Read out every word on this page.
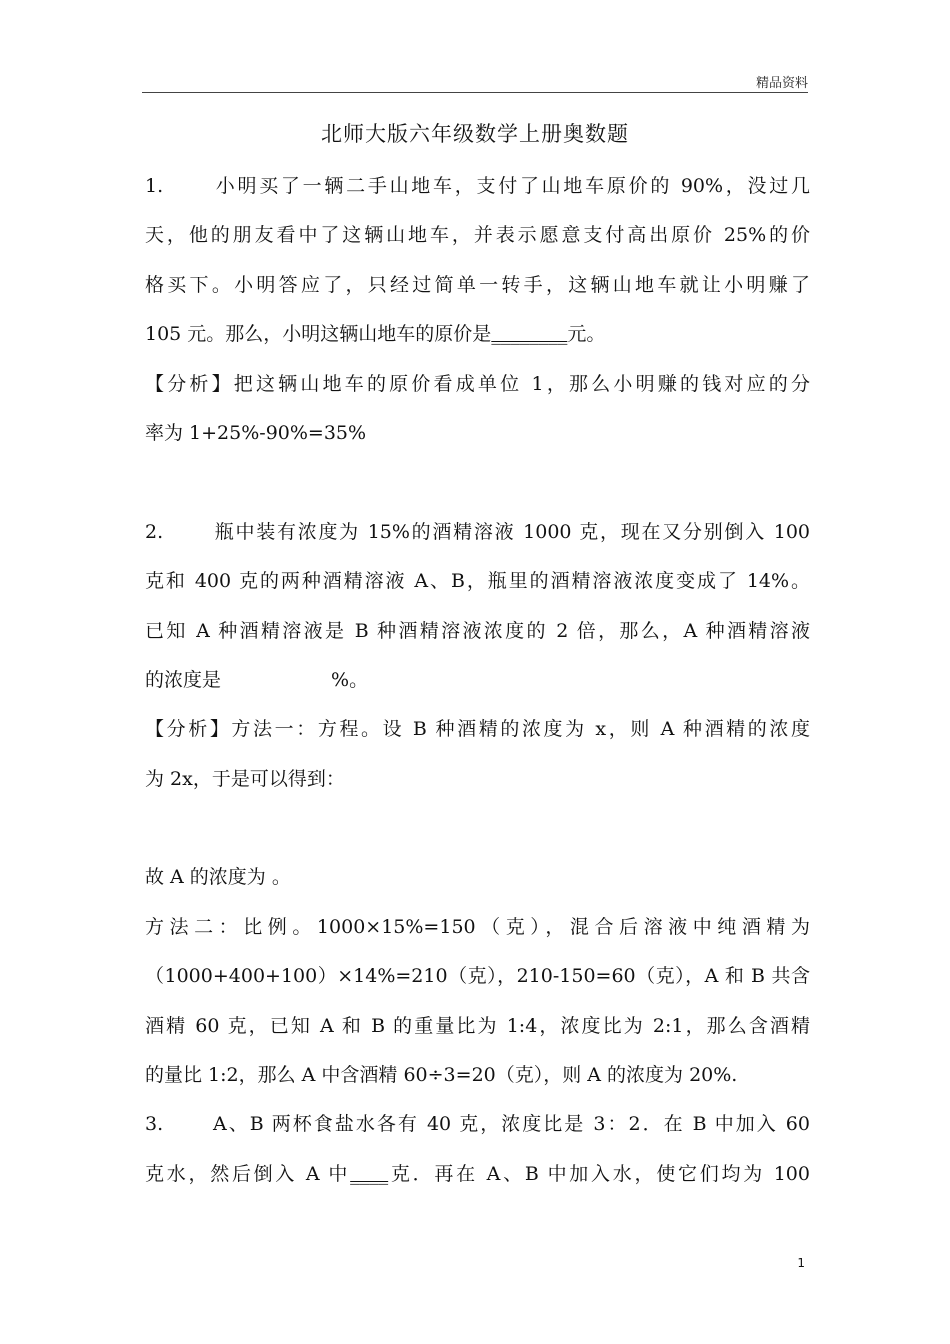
精品资料
北师大版六年级数学上册奥数题
1.	小明买了一辆二手山地车，支付了山地车原价的 90%，没过几
天，他的朋友看中了这辆山地车，并表示愿意支付高出原价 25%的价
格买下。小明答应了，只经过简单一转手，这辆山地车就让小明赚了
105 元。那么，小明这辆山地车的原价是________元。
【分析】把这辆山地车的原价看成单位 1，那么小明赚的钱对应的分
率为 1+25%-90%=35%
2.	瓶中装有浓度为 15%的酒精溶液 1000 克，现在又分别倒入 100
克和 400 克的两种酒精溶液 A、B，瓶里的酒精溶液浓度变成了 14%。
已知 A 种酒精溶液是 B 种酒精溶液浓度的 2 倍，那么，A 种酒精溶液
的浓度是	%。
【分析】方法一：方程。设 B 种酒精的浓度为 x，则 A 种酒精的浓度
为 2x，于是可以得到：
故 A 的浓度为 。
方法二：比例。1000×15%=150（克），混合后溶液中纯酒精为
（1000+400+100）×14%=210（克），210-150=60（克），A 和 B 共含
酒精 60 克，已知 A 和 B 的重量比为 1:4，浓度比为 2:1，那么含酒精
的量比 1:2，那么 A 中含酒精 60÷3=20（克），则 A 的浓度为 20%.
3.	A、B 两杯食盐水各有 40 克，浓度比是 3：2．在 B 中加入 60
克水，然后倒入 A 中____克．再在 A、B 中加入水，使它们均为 100
1
